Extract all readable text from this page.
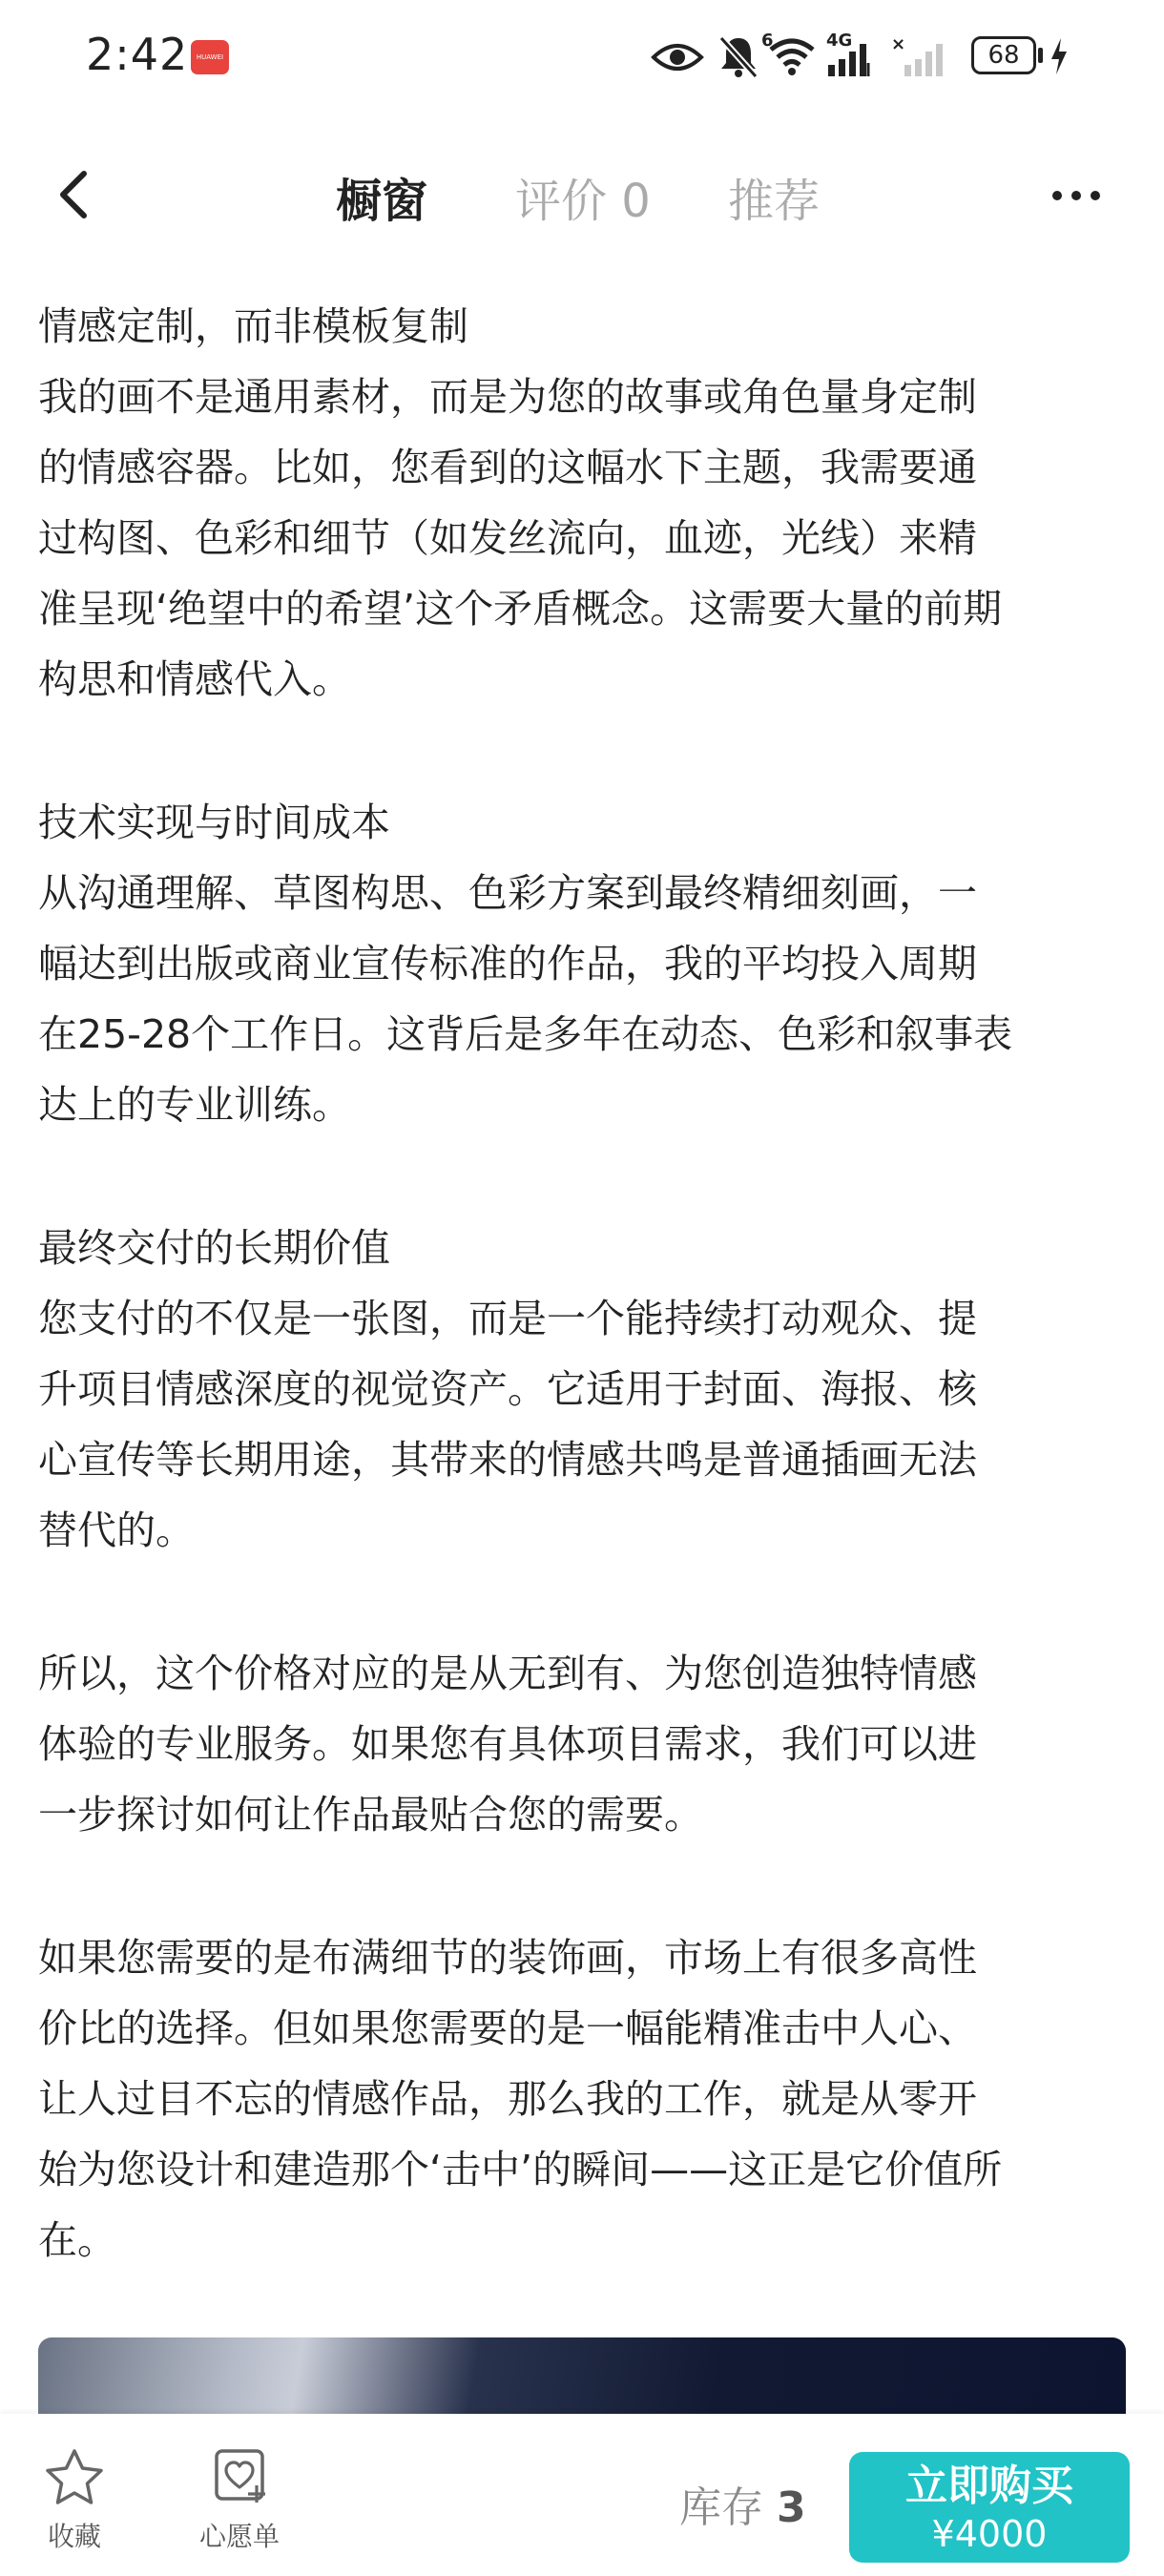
2:42	HUAWEI
6	4G ×	68
橱窗 评价 0 推荐
情感定制，而非模板复制
我的画不是通用素材，而是为您的故事或角色量身定制
的情感容器。比如，您看到的这幅水下主题，我需要通
过构图、色彩和细节（如发丝流向，血迹，光线）来精
准呈现‘绝望中的希望’这个矛盾概念。这需要大量的前期
构思和情感代入。
技术实现与时间成本
从沟通理解、草图构思、色彩方案到最终精细刻画，一
幅达到出版或商业宣传标准的作品，我的平均投入周期
在25-28个工作日。这背后是多年在动态、色彩和叙事表
达上的专业训练。
最终交付的长期价值
您支付的不仅是一张图，而是一个能持续打动观众、提
升项目情感深度的视觉资产。它适用于封面、海报、核
心宣传等长期用途，其带来的情感共鸣是普通插画无法
替代的。
所以，这个价格对应的是从无到有、为您创造独特情感
体验的专业服务。如果您有具体项目需求，我们可以进
一步探讨如何让作品最贴合您的需要。
如果您需要的是布满细节的装饰画，市场上有很多高性
价比的选择。但如果您需要的是一幅能精准击中人心、
让人过目不忘的情感作品，那么我的工作，就是从零开
始为您设计和建造那个‘击中’的瞬间——这正是它价值所
在。
收藏	心愿单
库存 3	立即购买
¥4000
